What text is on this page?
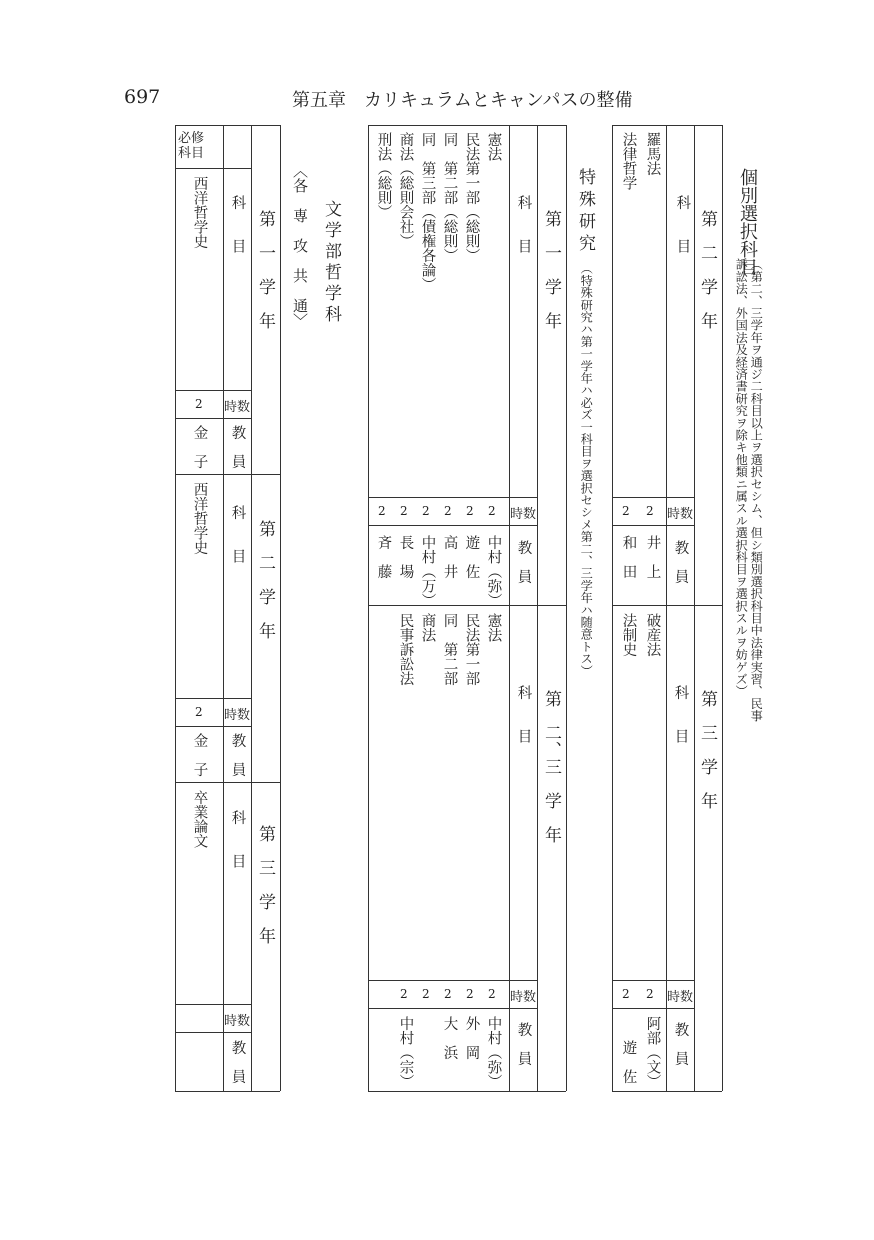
697	第五章　カリキュラムとキャンパスの整備
個別選択科目
（第二、三学年ヲ通ジ二科目以上ヲ選択セシム、但シ類別選択科目中法律実習、民事
訴訟法、外国法及経済書研究ヲ除キ他類ニ属スル選択科目ヲ選択スルヲ妨ゲズ）
第　二　学　年
科　　目
時数
教　員
羅馬法
2
井　上
法律哲学
2
和　田
第　三　学　年
科　　目
時数
教　員
破産法
2
阿部（文）
法制史
2
遊　佐
特殊研究
（特殊研究ハ第一学年ハ必ズ一科目ヲ選択セシメ第二、三学年ハ随意トス）
第　一　学　年
科　　目
時数
教　員
憲法
2
中村（弥）
民法第一部（総則）
2
遊　佐
同　第二部（総則）
2
高　井
同　第三部（債権各論）
2
中村（万）
商法（総則会社）
2
長　場
刑法（総則）
2
斉　藤
第　二、三　学　年
科　　目
時数
教　員
憲法
2
中村（弥）
民法第一部
2
外　岡
同　第二部
2
大　浜
商法
2
中村（宗）
民事訴訟法
2
文学部哲学科
〈各　専　攻　共　通〉
必修科目
第　一　学　年
科　　目
時数
教　員
西洋哲学史
2
金　子
第　二　学　年
科　　目
時数
教　員
西洋哲学史
2
金　子
第　三　学　年
科　　目
時数
教　員
卒業論文
